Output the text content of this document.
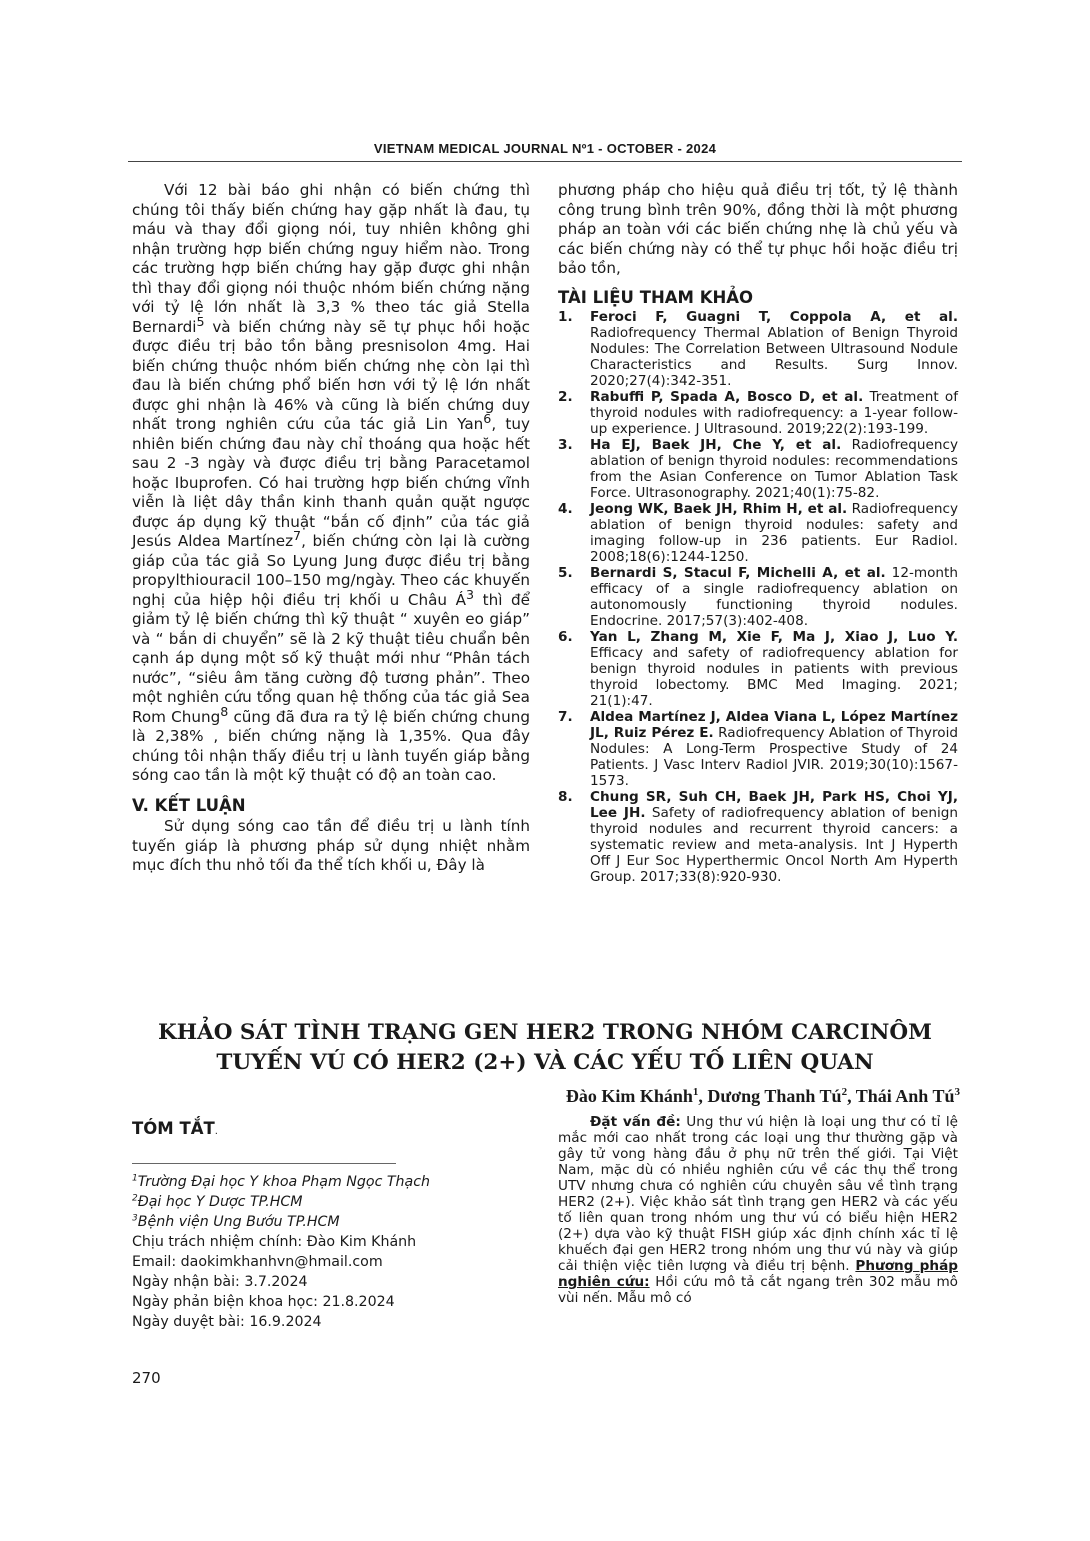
VIETNAM MEDICAL JOURNAL Nº1 - OCTOBER - 2024

Với 12 bài báo ghi nhận có biến chứng thì chúng tôi thấy biến chứng hay gặp nhất là đau, tụ máu và thay đổi giọng nói, tuy nhiên không ghi nhận trường hợp biến chứng nguy hiểm nào. Trong các trường hợp biến chứng hay gặp được ghi nhận thì thay đổi giọng nói thuộc nhóm biến chứng nặng với tỷ lệ lớn nhất là 3,3 % theo tác giả Stella Bernardi$^5$ và biến chứng này sẽ tự phục hồi hoặc được điều trị bảo tồn bằng presnisolon 4mg. Hai biến chứng thuộc nhóm biến chứng nhẹ còn lại thì đau là biến chứng phổ biến hơn với tỷ lệ lớn nhất được ghi nhận là 46% và cũng là biến chứng duy nhất trong nghiên cứu của tác giả Lin Yan$^6$, tuy nhiên biến chứng đau này chỉ thoáng qua hoặc hết sau 2 -3 ngày và được điều trị bằng Paracetamol hoặc Ibuprofen. Có hai trường hợp biến chứng vĩnh viễn là liệt dây thần kinh thanh quản quặt ngược được áp dụng kỹ thuật “bắn cố định” của tác giả Jesús Aldea Martínez$^7$, biến chứng còn lại là cường giáp của tác giả So Lyung Jung được điều trị bằng propylthiouracil 100–150 mg/ngày. Theo các khuyến nghị của hiệp hội điều trị khối u Châu $Á^3$ thì để giảm tỷ lệ biến chứng thì kỹ thuật “ xuyên eo giáp” và “ bắn di chuyển” sẽ là 2 kỹ thuật tiêu chuẩn bên cạnh áp dụng một số kỹ thuật mới như “Phân tách nước”, “siêu âm tăng cường độ tương phản”. Theo một nghiên cứu tổng quan hệ thống của tác giả Sea Rom Chung$^8$ cũng đã đưa ra tỷ lệ biến chứng chung là 2,38% , biến chứng nặng là 1,35%. Qua đây chúng tôi nhận thấy điều trị u lành tuyến giáp bằng sóng cao tần là một kỹ thuật có độ an toàn cao.

V. KẾT LUẬN

Sử dụng sóng cao tần để điều trị u lành tính tuyến giáp là phương pháp sử dụng nhiệt nhằm mục đích thu nhỏ tối đa thể tích khối u, Đây là

phương pháp cho hiệu quả điều trị tốt, tỷ lệ thành công trung bình trên 90%, đồng thời là một phương pháp an toàn với các biến chứng nhẹ là chủ yếu và các biến chứng này có thể tự phục hồi hoặc điều trị bảo tồn,

TÀI LIỆU THAM KHẢO
1.	Feroci F, Guagni T, Coppola A, et al. Radiofrequency Thermal Ablation of Benign Thyroid Nodules: The Correlation Between Ultrasound Nodule Characteristics and Results. Surg Innov. 2020;27(4):342-351.
2.	Rabuffi P, Spada A, Bosco D, et al. Treatment of thyroid nodules with radiofrequency: a 1-year follow-up experience. J Ultrasound. 2019;22(2):193-199.
3.	Ha EJ, Baek JH, Che Y, et al. Radiofrequency ablation of benign thyroid nodules: recommendations from the Asian Conference on Tumor Ablation Task Force. Ultrasonography. 2021;40(1):75-82.
4.	Jeong WK, Baek JH, Rhim H, et al. Radiofrequency ablation of benign thyroid nodules: safety and imaging follow-up in 236 patients. Eur Radiol. 2008;18(6):1244-1250.
5.	Bernardi S, Stacul F, Michelli A, et al. 12-month efficacy of a single radiofrequency ablation on autonomously functioning thyroid nodules. Endocrine. 2017;57(3):402-408.
6.	Yan L, Zhang M, Xie F, Ma J, Xiao J, Luo Y. Efficacy and safety of radiofrequency ablation for benign thyroid nodules in patients with previous thyroid lobectomy. BMC Med Imaging. 2021; 21(1):47.
7.	Aldea Martínez J, Aldea Viana L, López Martínez JL, Ruiz Pérez E. Radiofrequency Ablation of Thyroid Nodules: A Long-Term Prospective Study of 24 Patients. J Vasc Interv Radiol JVIR. 2019;30(10):1567-1573.
8.	Chung SR, Suh CH, Baek JH, Park HS, Choi YJ, Lee JH. Safety of radiofrequency ablation of benign thyroid nodules and recurrent thyroid cancers: a systematic review and meta-analysis. Int J Hyperth Off J Eur Soc Hyperthermic Oncol North Am Hyperth Group. 2017;33(8):920-930.
KHẢO SÁT TÌNH TRẠNG GEN HER2 TRONG NHÓM CARCINÔM
TUYẾN VÚ CÓ HER2 (2+) VÀ CÁC YẾU TỐ LIÊN QUAN
Đào Kim Khánh$^1$, Dương Thanh $Tú^2$, Thái Anh $Tú^3$
TÓM TẮT.
$^1$Trường Đại học Y khoa Phạm Ngọc Thạch
$^2$Đại học Y Dược TP.HCM
$^3$Bệnh viện Ung Bướu TP.HCM
Chịu trách nhiệm chính: Đào Kim Khánh
Email: daokimkhanhvn@hmail.com
Ngày nhận bài: 3.7.2024
Ngày phản biện khoa học: 21.8.2024
Ngày duyệt bài: 16.9.2024

Đặt vấn đề: Ung thư vú hiện là loại ung thư có tỉ lệ mắc mới cao nhất trong các loại ung thư thường gặp và gây tử vong hàng đầu ở phụ nữ trên thế giới. Tại Việt Nam, mặc dù có nhiều nghiên cứu về các thụ thể trong UTV nhưng chưa có nghiên cứu chuyên sâu về tình trạng HER2 (2+). Việc khảo sát tình trạng gen HER2 và các yếu tố liên quan trong nhóm ung thư vú có biểu hiện HER2 (2+) dựa vào kỹ thuật FISH giúp xác định chính xác tỉ lệ khuếch đại gen HER2 trong nhóm ung thư vú này và giúp cải thiện việc tiên lượng và điều trị bệnh. Phương pháp nghiên cứu: Hồi cứu mô tả cắt ngang trên 302 mẫu mô vùi nến. Mẫu mô có

270
